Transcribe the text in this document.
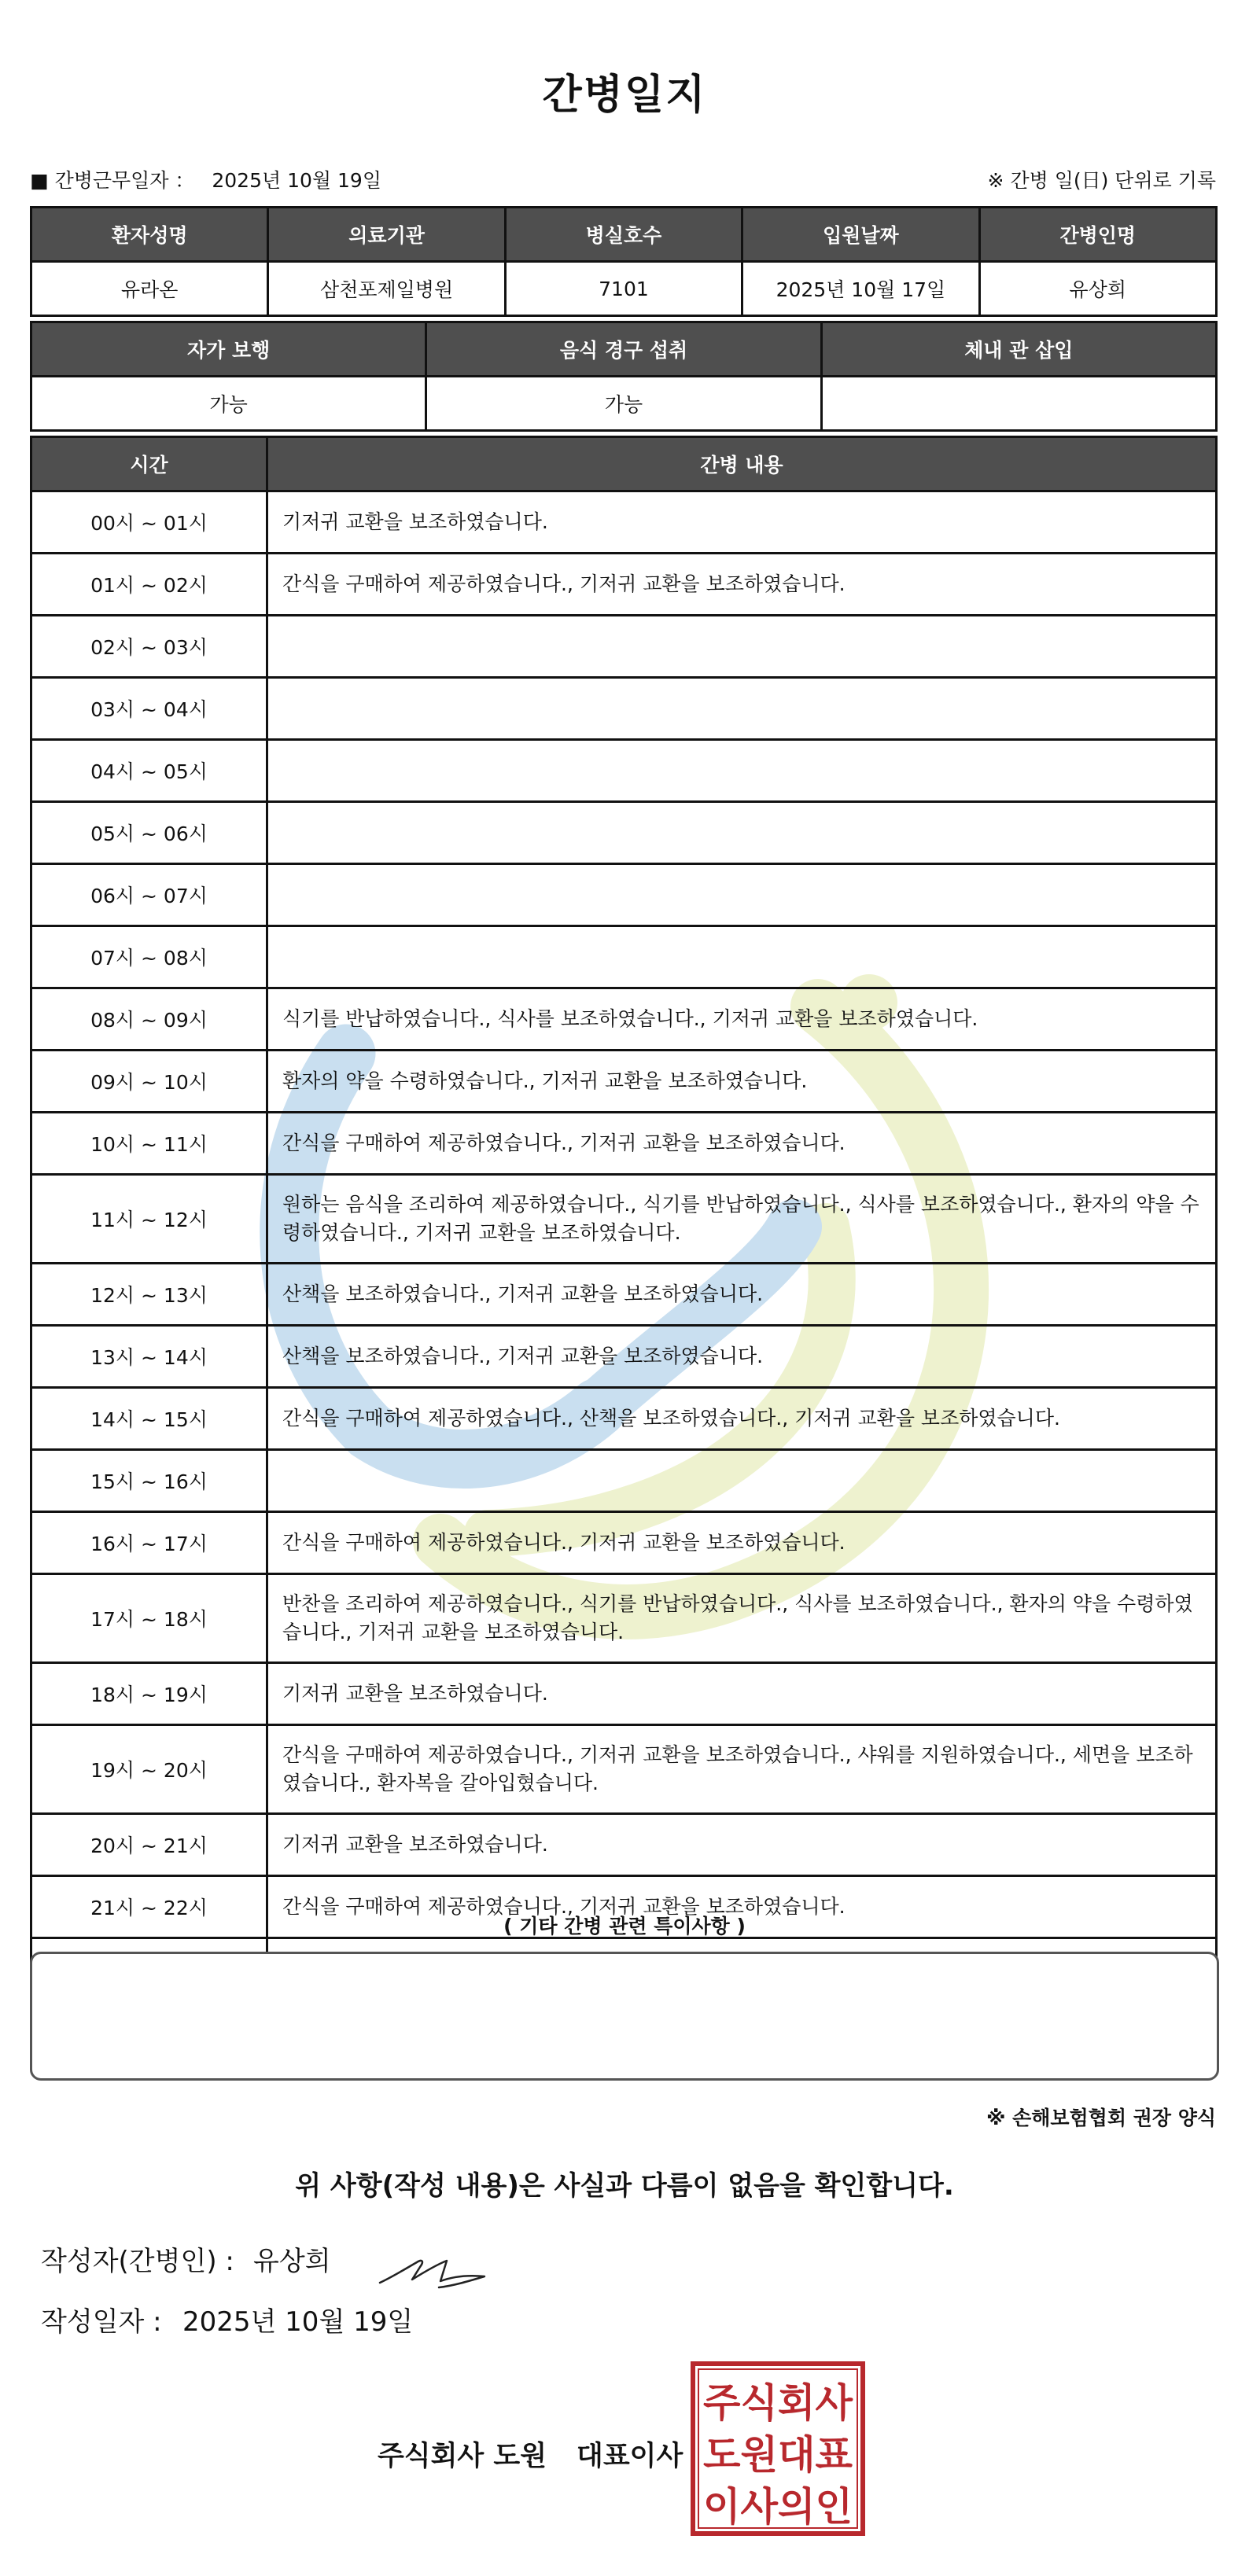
간병일지
■ 간병근무일자 ： 2025년 10월 19일	※ 간병 일(日) 단위로 기록
환자성명	의료기관	병실호수	입원날짜	간병인명
유라온	삼천포제일병원	7101	2025년 10월 17일	유상희
자가 보행	음식 경구 섭취	체내 관 삽입
가능	가능	
시간	간병 내용
00시 ~ 01시	기저귀 교환을 보조하였습니다.
01시 ~ 02시	간식을 구매하여 제공하였습니다., 기저귀 교환을 보조하였습니다.
02시 ~ 03시	
03시 ~ 04시	
04시 ~ 05시	
05시 ~ 06시	
06시 ~ 07시	
07시 ~ 08시	
08시 ~ 09시	식기를 반납하였습니다., 식사를 보조하였습니다., 기저귀 교환을 보조하였습니다.
09시 ~ 10시	환자의 약을 수령하였습니다., 기저귀 교환을 보조하였습니다.
10시 ~ 11시	간식을 구매하여 제공하였습니다., 기저귀 교환을 보조하였습니다.
11시 ~ 12시	원하는 음식을 조리하여 제공하였습니다., 식기를 반납하였습니다., 식사를 보조하였습니다., 환자의 약을 수령하였습니다., 기저귀 교환을 보조하였습니다.
12시 ~ 13시	산책을 보조하였습니다., 기저귀 교환을 보조하였습니다.
13시 ~ 14시	산책을 보조하였습니다., 기저귀 교환을 보조하였습니다.
14시 ~ 15시	간식을 구매하여 제공하였습니다., 산책을 보조하였습니다., 기저귀 교환을 보조하였습니다.
15시 ~ 16시	
16시 ~ 17시	간식을 구매하여 제공하였습니다., 기저귀 교환을 보조하였습니다.
17시 ~ 18시	반찬을 조리하여 제공하였습니다., 식기를 반납하였습니다., 식사를 보조하였습니다., 환자의 약을 수령하였습니다., 기저귀 교환을 보조하였습니다.
18시 ~ 19시	기저귀 교환을 보조하였습니다.
19시 ~ 20시	간식을 구매하여 제공하였습니다., 기저귀 교환을 보조하였습니다., 샤워를 지원하였습니다., 세면을 보조하였습니다., 환자복을 갈아입혔습니다.
20시 ~ 21시	기저귀 교환을 보조하였습니다.
21시 ~ 22시	간식을 구매하여 제공하였습니다., 기저귀 교환을 보조하였습니다.

( 기타 간병 관련 특이사항 )
※ 손해보험협회 권장 양식
위 사항(작성 내용)은 사실과 다름이 없음을 확인합니다.
작성자(간병인) : 유상희
작성일자 : 2025년 10월 19일
주식회사 도원 대표이사
주식회사
도원대표
이사의인
